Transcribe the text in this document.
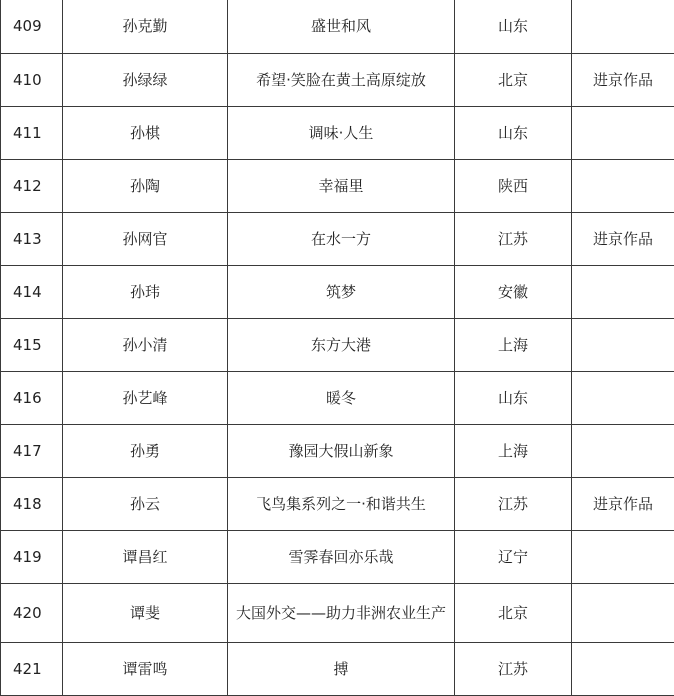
409	孙克勤	盛世和风	山东	
410	孙绿绿	希望·笑脸在黄土高原绽放	北京	进京作品
411	孙棋	调味·人生	山东	
412	孙陶	幸福里	陕西	
413	孙网官	在水一方	江苏	进京作品
414	孙玮	筑梦	安徽	
415	孙小清	东方大港	上海	
416	孙艺峰	暖冬	山东	
417	孙勇	豫园大假山新象	上海	
418	孙云	飞鸟集系列之一·和谐共生	江苏	进京作品
419	谭昌红	雪霁春回亦乐哉	辽宁	
420	谭斐	大国外交——助力非洲农业生产	北京	
421	谭雷鸣	搏	江苏	
